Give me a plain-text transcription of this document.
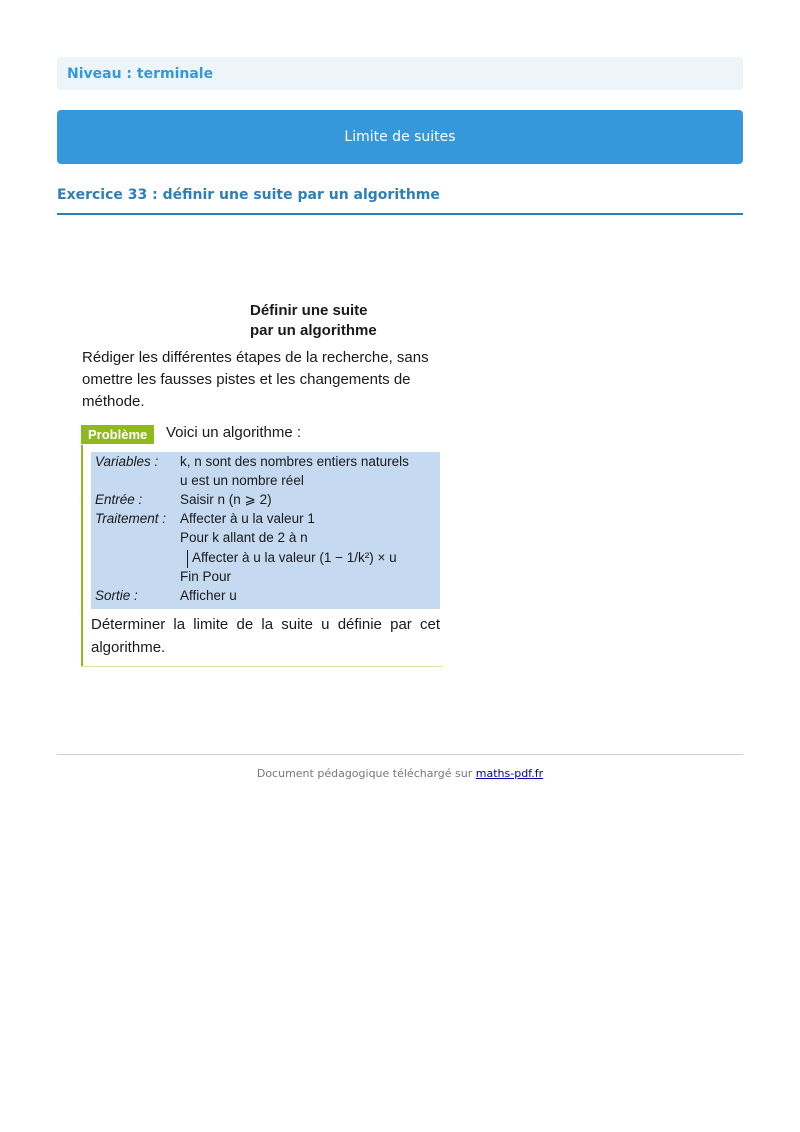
Niveau : terminale
Limite de suites
Exercice 33 : définir une suite par un algorithme
Définir une suite
par un algorithme
Rédiger les différentes étapes de la recherche, sans omettre les fausses pistes et les changements de méthode.
Problème	Voici un algorithme :
Variables : k, n sont des nombres entiers naturels
u est un nombre réel
Entrée :	Saisir n (n ⩾ 2)
Traitement : Affecter à u la valeur 1
Pour k allant de 2 à n
Affecter à u la valeur (1 − 1/k²) × u
Fin Pour
Sortie :	Afficher u
Déterminer la limite de la suite u définie par cet algorithme.
Document pédagogique téléchargé sur maths-pdf.fr
